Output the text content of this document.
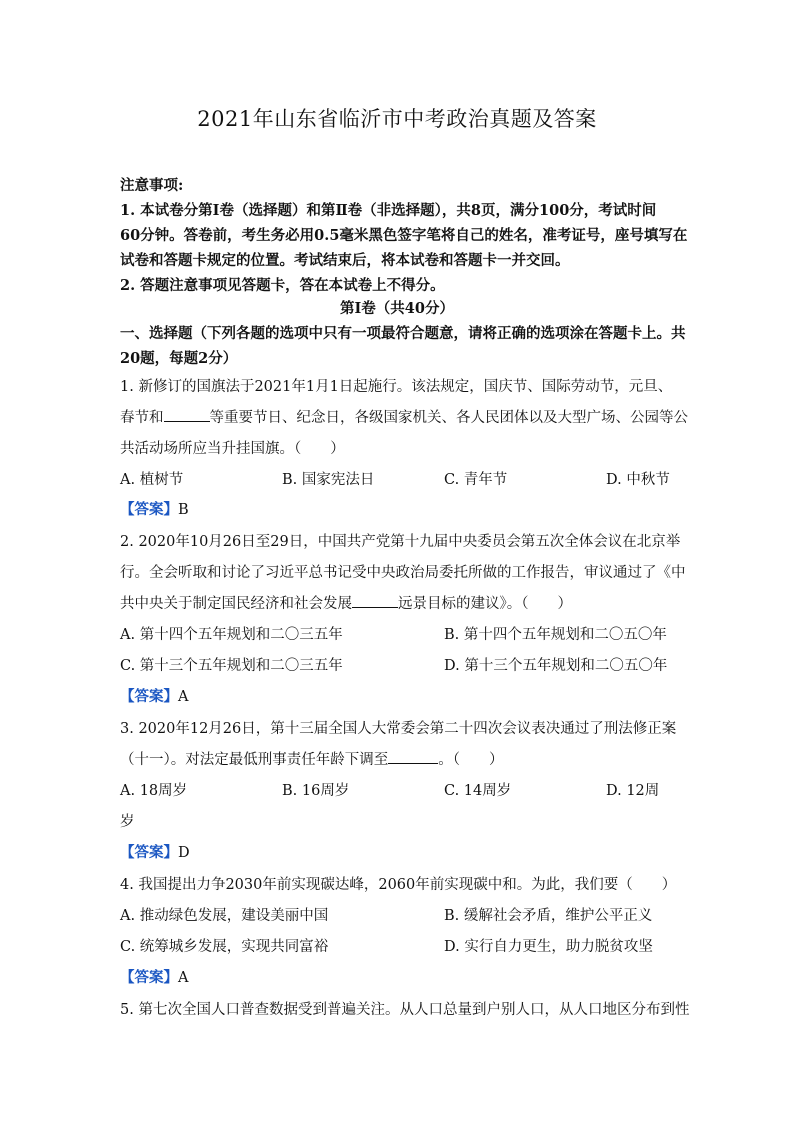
2021年山东省临沂市中考政治真题及答案
注意事项:
1. 本试卷分第Ⅰ卷（选择题）和第Ⅱ卷（非选择题），共8页，满分100分，考试时间
60分钟。答卷前，考生务必用0.5毫米黑色签字笔将自己的姓名，准考证号，座号填写在
试卷和答题卡规定的位置。考试结束后，将本试卷和答题卡一并交回。
2. 答题注意事项见答题卡，答在本试卷上不得分。
第Ⅰ卷（共40分）
一、选择题（下列各题的选项中只有一项最符合题意，请将正确的选项涂在答题卡上。共
20题，每题2分）
1. 新修订的国旗法于2021年1月1日起施行。该法规定，国庆节、国际劳动节，元旦、
春节和	等重要节日、纪念日，各级国家机关、各人民团体以及大型广场、公园等公
共活动场所应当升挂国旗。（　　）
A. 植树节	B. 国家宪法日	C. 青年节	D. 中秋节
【答案】B
2. 2020年10月26日至29日，中国共产党第十九届中央委员会第五次全体会议在北京举
行。全会听取和讨论了习近平总书记受中央政治局委托所做的工作报告，审议通过了《中
共中央关于制定国民经济和社会发展	远景目标的建议》。（　　）
A. 第十四个五年规划和二〇三五年	B. 第十四个五年规划和二〇五〇年
C. 第十三个五年规划和二〇三五年	D. 第十三个五年规划和二〇五〇年
【答案】A
3. 2020年12月26日，第十三届全国人大常委会第二十四次会议表决通过了刑法修正案
（十一）。对法定最低刑事责任年龄下调至	。（　　）
A. 18周岁	B. 16周岁	C. 14周岁	D. 12周
岁
【答案】D
4. 我国提出力争2030年前实现碳达峰，2060年前实现碳中和。为此，我们要（　　）
A. 推动绿色发展，建设美丽中国	B. 缓解社会矛盾，维护公平正义
C. 统筹城乡发展，实现共同富裕	D. 实行自力更生，助力脱贫攻坚
【答案】A
5. 第七次全国人口普查数据受到普遍关注。从人口总量到户别人口，从人口地区分布到性
